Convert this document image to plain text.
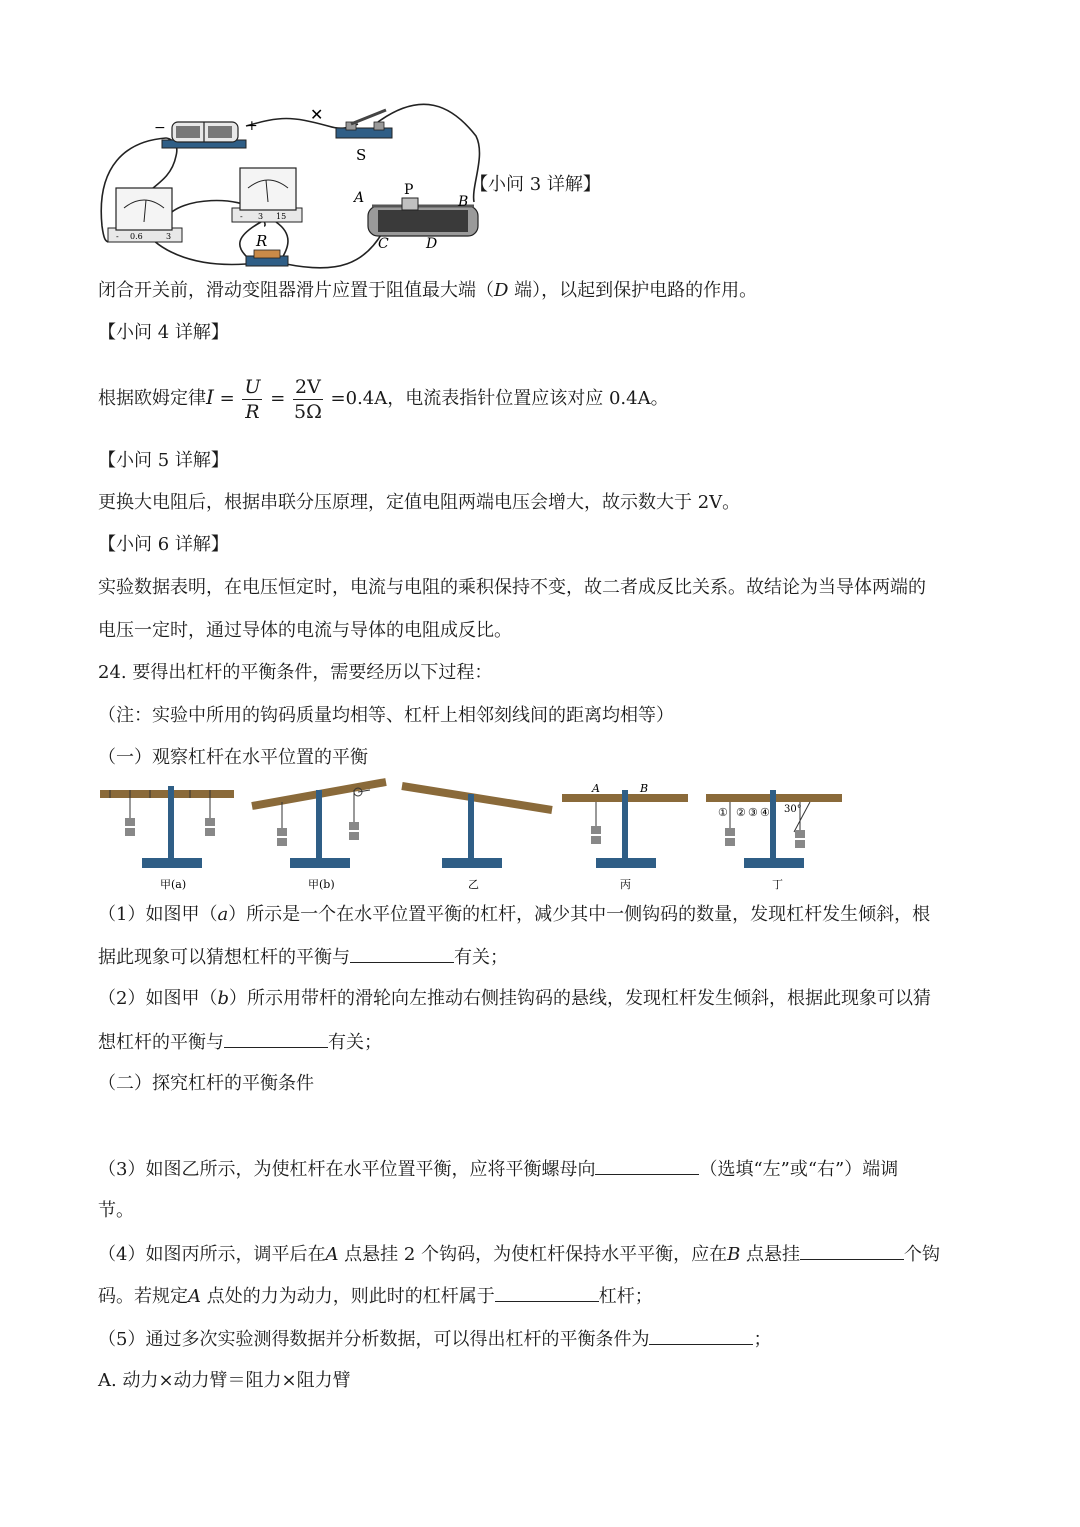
−	+
✕
S
- 0.6	3
- 3 15
R
A	P
B
C	D
【小问 3 详解】
闭合开关前，滑动变阻器滑片应置于阻值最大端（D 端），以起到保护电路的作用。
【小问 4 详解】
根据欧姆定律$I = \frac{U}{R} = \frac{2V}{5\Omega} =0.4A$，电流表指针位置应该对应 0.4A。
【小问 5 详解】
更换大电阻后，根据串联分压原理，定值电阻两端电压会增大，故示数大于 2V。
【小问 6 详解】
实验数据表明，在电压恒定时，电流与电阻的乘积保持不变，故二者成反比关系。故结论为当导体两端的
电压一定时，通过导体的电流与导体的电阻成反比。
24. 要得出杠杆的平衡条件，需要经历以下过程：
（注：实验中所用的钩码质量均相等、杠杆上相邻刻线间的距离均相等）
（一）观察杠杆在水平位置的平衡
A	B
① ② ③ ④ 30°
甲(a)	甲(b)	乙	丙	丁
（1）如图甲（a）所示是一个在水平位置平衡的杠杆，减少其中一侧钩码的数量，发现杠杆发生倾斜，根
据此现象可以猜想杠杆的平衡与	有关；
（2）如图甲（b）所示用带杆的滑轮向左推动右侧挂钩码的悬线，发现杠杆发生倾斜，根据此现象可以猜
想杠杆的平衡与	有关；
（二）探究杠杆的平衡条件
（3）如图乙所示，为使杠杆在水平位置平衡，应将平衡螺母向	（选填“左”或“右”）端调
节。
（4）如图丙所示，调平后在A 点悬挂 2 个钩码，为使杠杆保持水平平衡，应在B 点悬挂	个钩
码。若规定A 点处的力为动力，则此时的杠杆属于	杠杆；
（5）通过多次实验测得数据并分析数据，可以得出杠杆的平衡条件为	；
A. 动力×动力臂＝阻力×阻力臂
